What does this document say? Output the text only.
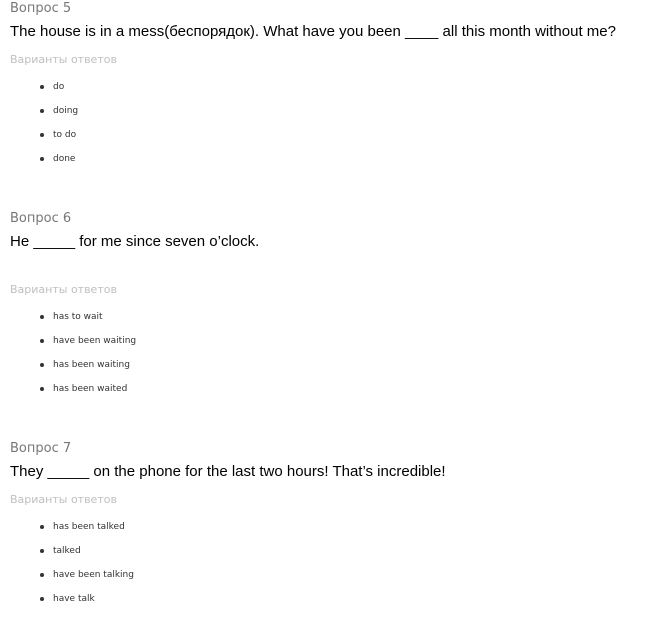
Вопрос 5
The house is in a mess(беспорядок). What have you been ____ all this month without me?
Варианты ответов
do
doing
to do
done
Вопрос 6
He _____ for me since seven o’clock.
Варианты ответов
has to wait
have been waiting
has been waiting
has been waited
Вопрос 7
They _____ on the phone for the last two hours! That’s incredible!
Варианты ответов
has been talked
talked
have been talking
have talk
